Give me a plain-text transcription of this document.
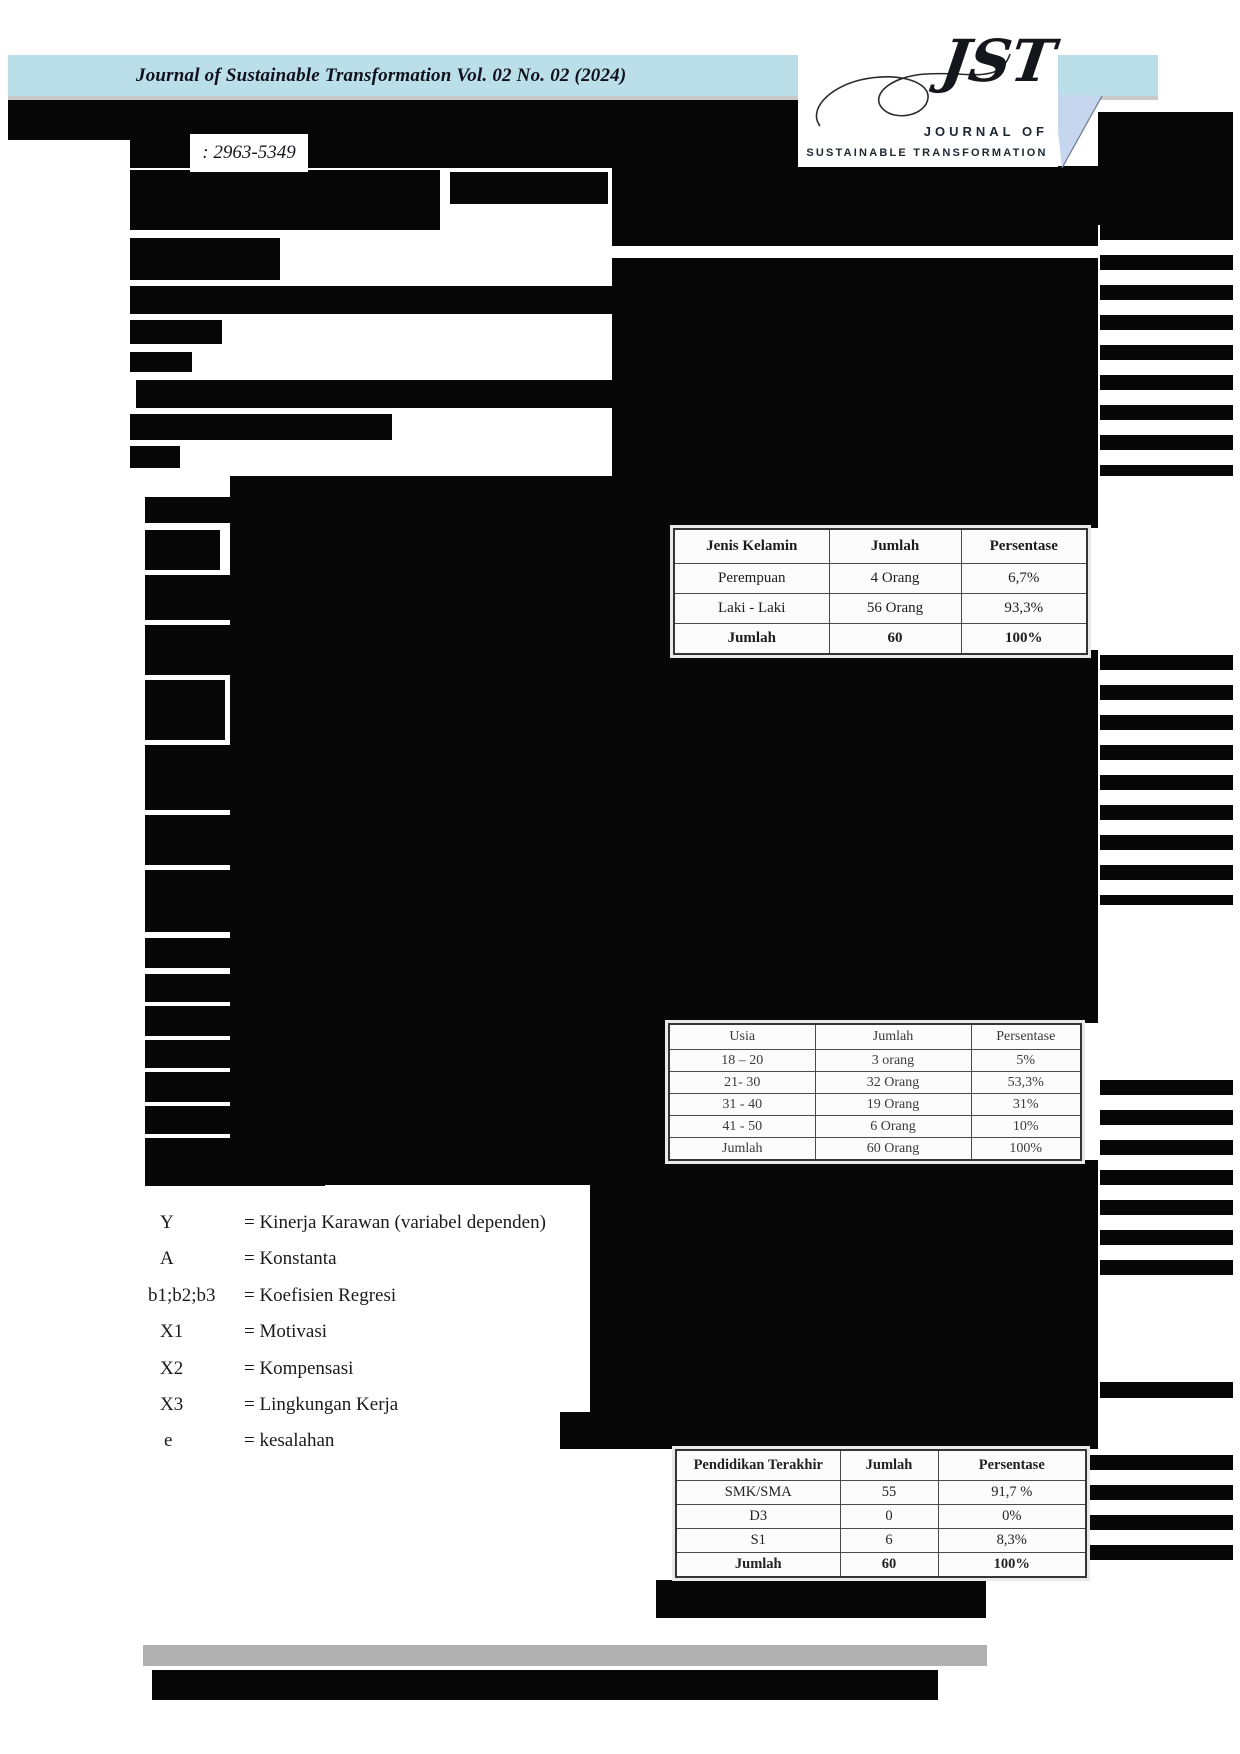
Journal of Sustainable Transformation Vol. 02 No. 02 (2024)	JST
JOURNAL OF
SUSTAINABLE TRANSFORMATION
: 2963-5349
Jenis Kelamin	Jumlah	Persentase
Perempuan	4 Orang	6,7%
Laki - Laki	56 Orang	93,3%
Jumlah	60	100%
Usia	Jumlah	Persentase
18 – 20	3 orang	5%
21- 30	32 Orang	53,3%
31 - 40	19 Orang	31%
41 - 50	6 Orang	10%
Jumlah	60 Orang	100%
Pendidikan Terakhir	Jumlah	Persentase
SMK/SMA	55	91,7 %
D3	0	0%
S1	6	8,3%
Jumlah	60	100%
Y	= Kinerja Karawan (variabel dependen)
A	= Konstanta
b1;b2;b3	= Koefisien Regresi
X1	= Motivasi
X2	= Kompensasi
X3	= Lingkungan Kerja
e	= kesalahan
